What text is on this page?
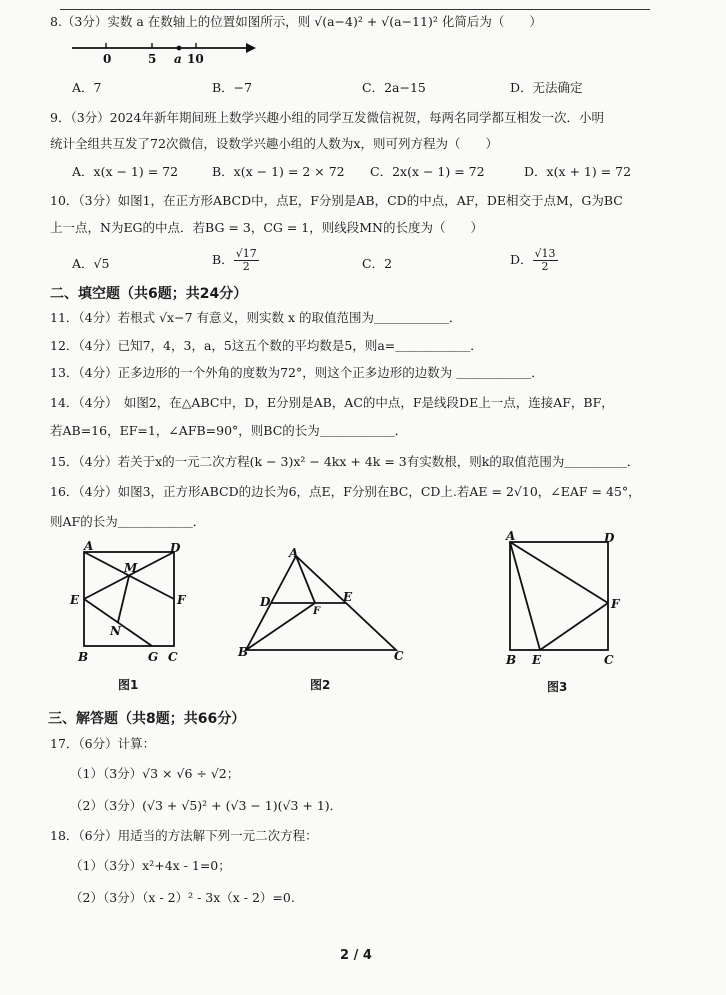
8.（3分）实数 a 在数轴上的位置如图所示，则 √(a−4)² + √(a−11)² 化简后为（　　）
0	5 a 10
A．7	B．−7	C．2a−15	D．无法确定
9．（3分）2024年新年期间班上数学兴趣小组的同学互发微信祝贺，每两名同学都互相发一次．小明
统计全组共互发了72次微信，设数学兴趣小组的人数为x，则可列方程为（　　）
A．x(x − 1) = 72	B．x(x − 1) = 2 × 72 C．2x(x − 1) = 72	D．x(x + 1) = 72
10．（3分）如图1，在正方形ABCD中，点E，F分别是AB，CD的中点，AF，DE相交于点M，G为BC
上一点，N为EG的中点．若BG = 3，CG = 1，则线段MN的长度为（　　）
A．√5	B． $\frac{√17}{2}$	C．2	D． $\frac{√13}{2}$
二、填空题（共6题；共24分）
11．（4分）若根式 √x−7 有意义，则实数 x 的取值范围为＿＿＿＿＿＿．
12．（4分）已知7，4，3，a，5这五个数的平均数是5，则a=＿＿＿＿＿＿．
13．（4分）正多边形的一个外角的度数为72°，则这个正多边形的边数为 ＿＿＿＿＿＿．
14．（4分）　如图2，在△ABC中，D，E分别是AB，AC的中点，F是线段DE上一点，连接AF，BF，
若AB=16，EF=1，∠AFB=90°，则BC的长为＿＿＿＿＿＿．
15．（4分）若关于x的一元二次方程(k − 3)x² − 4kx + 4k = 3有实数根，则k的取值范围为＿＿＿＿＿．
16．（4分）如图3，正方形ABCD的边长为6，点E，F分别在BC，CD上.若AE = 2√10，∠EAF = 45°，
则AF的长为＿＿＿＿＿＿．
A	D
M
E	F
N
B	G C
图1
A
D	E
F
B	C
图2
A	D
F
B E	C
图3
三、解答题（共8题；共66分）
17．（6分）计算：
（1）（3分）√3 × √6 ÷ √2；
（2）（3分）(√3 + √5)² + (√3 − 1)(√3 + 1)．
18．（6分）用适当的方法解下列一元二次方程：
（1）（3分）x²+4x - 1=0；
（2）（3分）（x - 2）² - 3x（x - 2）=0.
2 / 4
